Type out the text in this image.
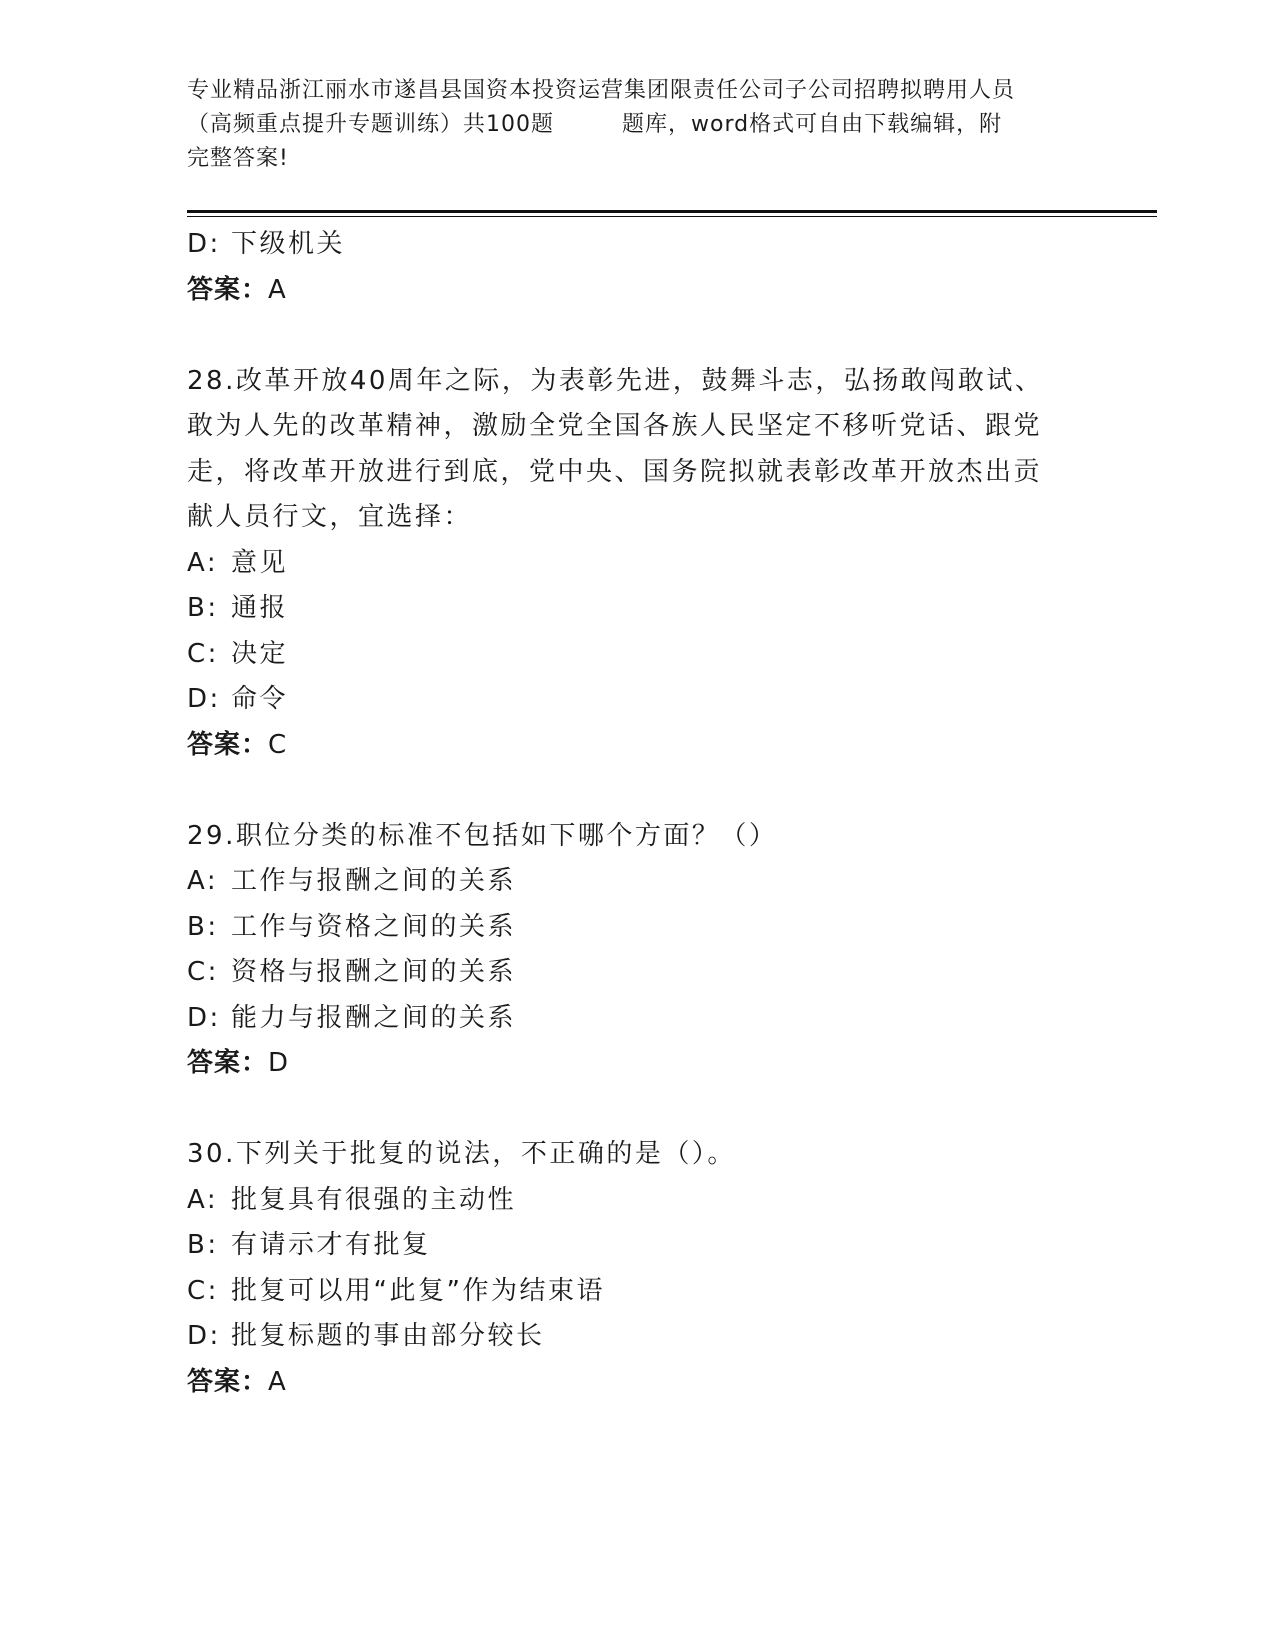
专业精品浙江丽水市遂昌县国资本投资运营集团限责任公司子公司招聘拟聘用人员
（高频重点提升专题训练）共100题	题库，word格式可自由下载编辑，附
完整答案!
D: 下级机关
答案：A
28.改革开放40周年之际，为表彰先进，鼓舞斗志，弘扬敢闯敢试、
敢为人先的改革精神，激励全党全国各族人民坚定不移听党话、跟党
走，将改革开放进行到底，党中央、国务院拟就表彰改革开放杰出贡
献人员行文，宜选择：
A: 意见
B: 通报
C: 决定
D: 命令
答案：C
29.职位分类的标准不包括如下哪个方面？（）
A: 工作与报酬之间的关系
B: 工作与资格之间的关系
C: 资格与报酬之间的关系
D: 能力与报酬之间的关系
答案：D
30.下列关于批复的说法，不正确的是（）。
A: 批复具有很强的主动性
B: 有请示才有批复
C: 批复可以用“此复”作为结束语
D: 批复标题的事由部分较长
答案：A
